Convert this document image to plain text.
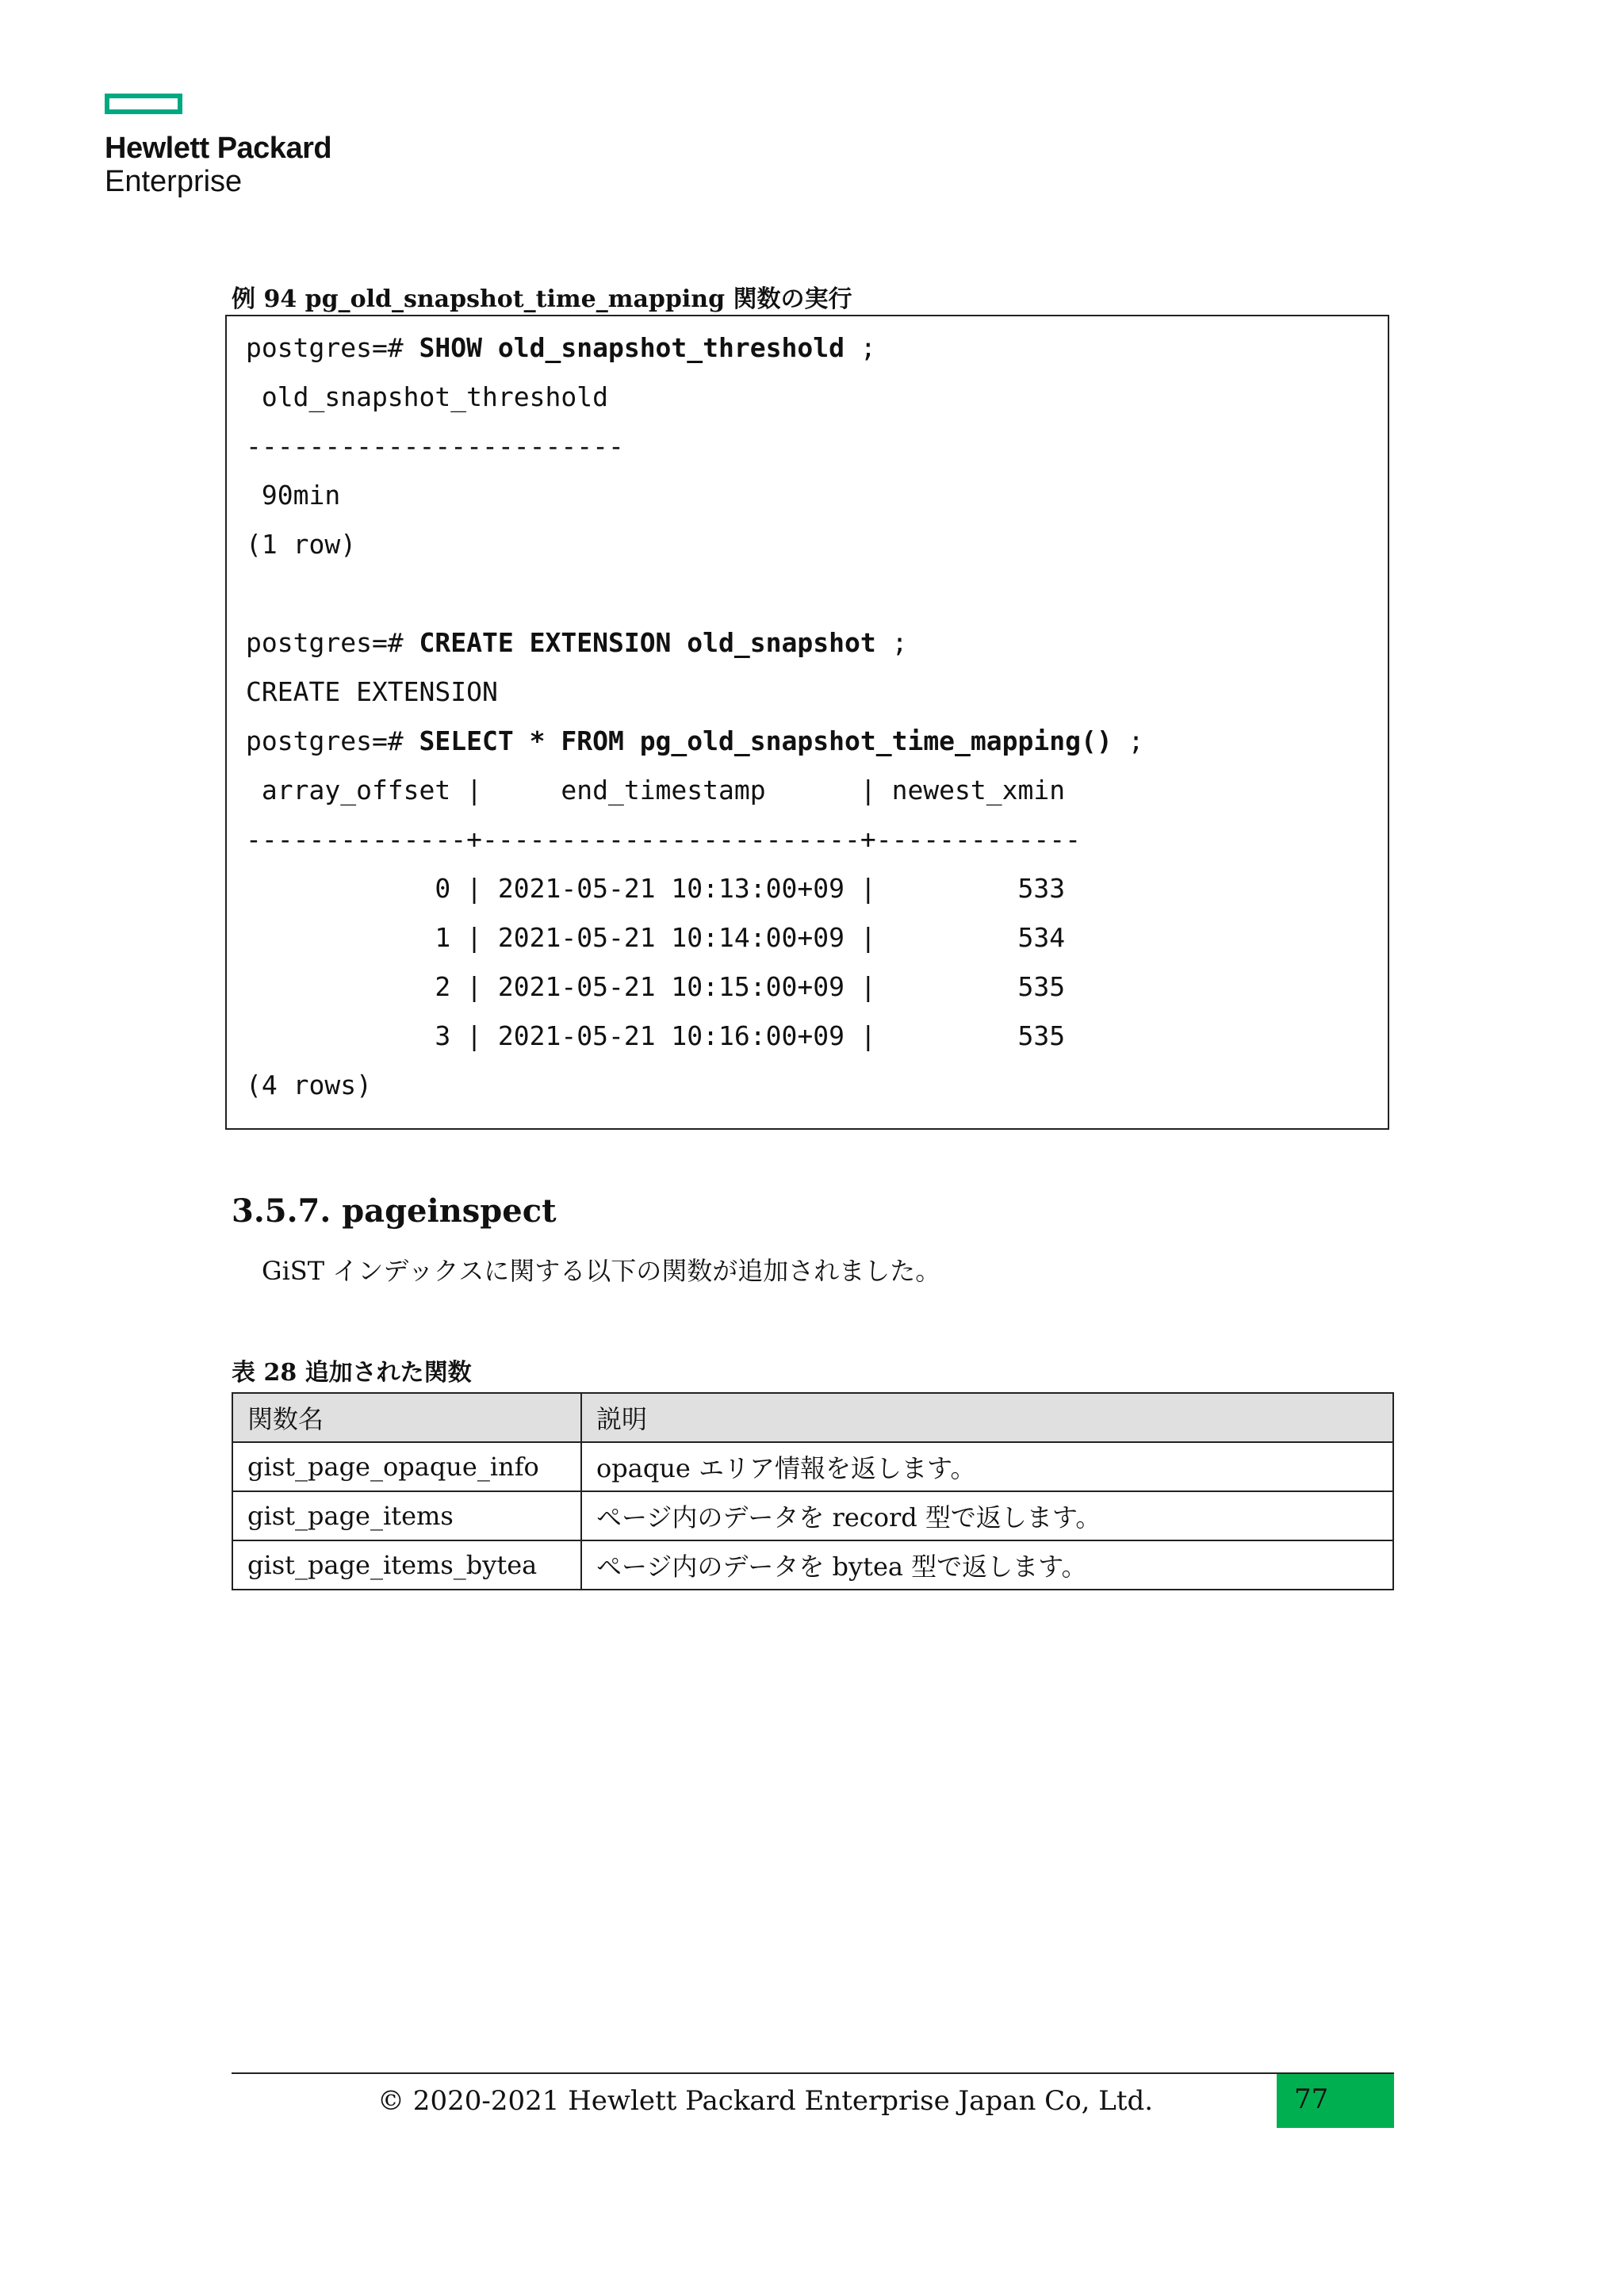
Hewlett Packard
Enterprise
例 94 pg_old_snapshot_time_mapping 関数の実行
postgres=# SHOW old_snapshot_threshold ;
old_snapshot_threshold
------------------------
90min
(1 row)
postgres=# CREATE EXTENSION old_snapshot ;
CREATE EXTENSION
postgres=# SELECT * FROM pg_old_snapshot_time_mapping() ;
array_offset |     end_timestamp      | newest_xmin
--------------+------------------------+-------------
0 | 2021-05-21 10:13:00+09 |         533
1 | 2021-05-21 10:14:00+09 |         534
2 | 2021-05-21 10:15:00+09 |         535
3 | 2021-05-21 10:16:00+09 |         535
(4 rows)
3.5.7. pageinspect
GiST インデックスに関する以下の関数が追加されました。
表 28 追加された関数
関数名	説明
gist_page_opaque_info	opaque エリア情報を返します。
gist_page_items	ページ内のデータを record 型で返します。
gist_page_items_bytea	ページ内のデータを bytea 型で返します。
© 2020-2021 Hewlett Packard Enterprise Japan Co, Ltd.	77
